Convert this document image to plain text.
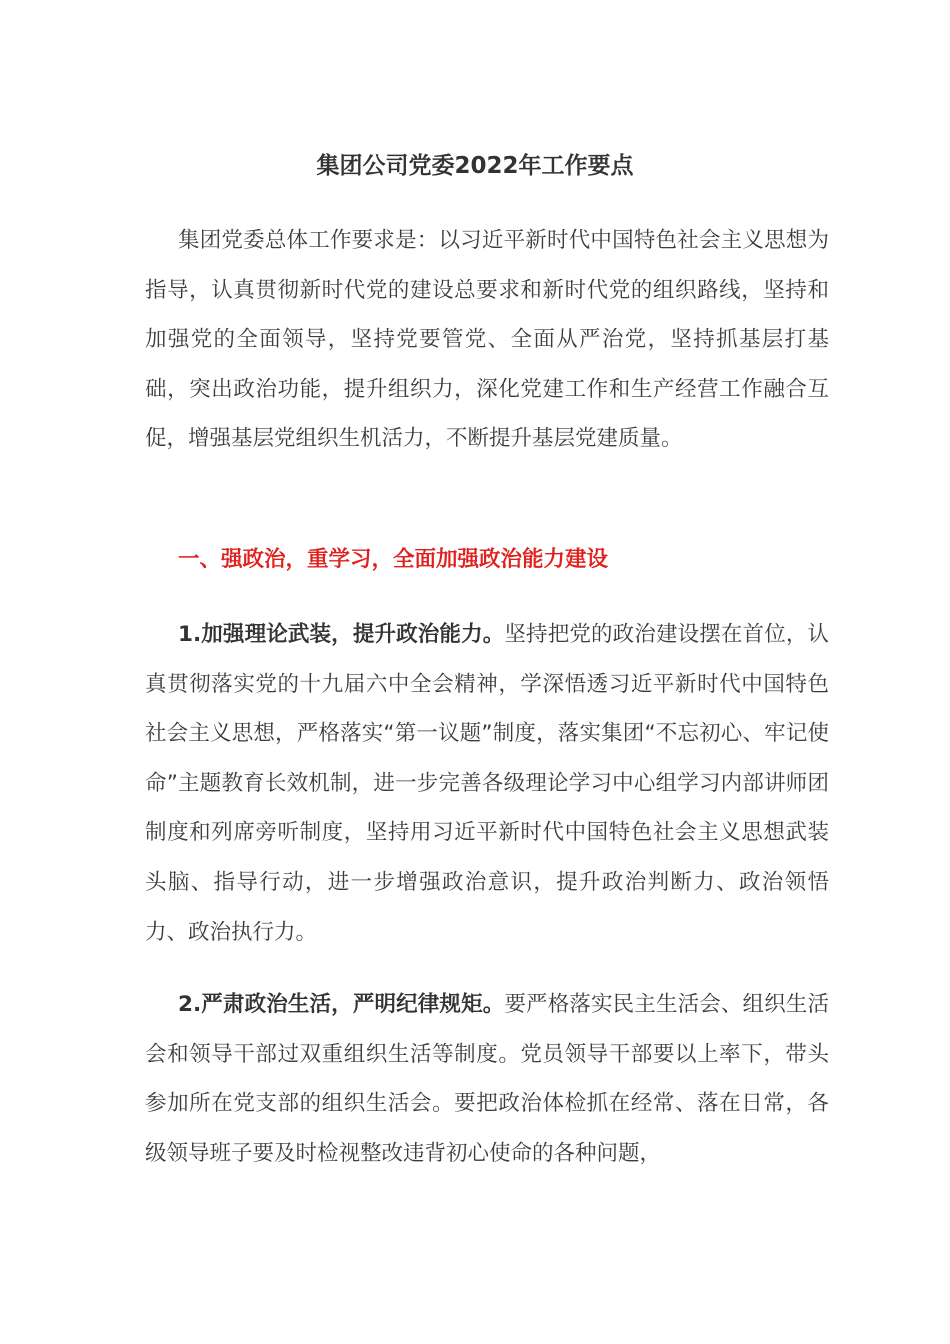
集团公司党委2022年工作要点

集团党委总体工作要求是：以习近平新时代中国特色社会主义思想为指导，认真贯彻新时代党的建设总要求和新时代党的组织路线，坚持和加强党的全面领导，坚持党要管党、全面从严治党，坚持抓基层打基础，突出政治功能，提升组织力，深化党建工作和生产经营工作融合互促，增强基层党组织生机活力，不断提升基层党建质量。

一、强政治，重学习，全面加强政治能力建设

1.加强理论武装，提升政治能力。坚持把党的政治建设摆在首位，认真贯彻落实党的十九届六中全会精神，学深悟透习近平新时代中国特色社会主义思想，严格落实“第一议题”制度，落实集团“不忘初心、牢记使命”主题教育长效机制，进一步完善各级理论学习中心组学习内部讲师团制度和列席旁听制度，坚持用习近平新时代中国特色社会主义思想武装头脑、指导行动，进一步增强政治意识，提升政治判断力、政治领悟力、政治执行力。

2.严肃政治生活，严明纪律规矩。要严格落实民主生活会、组织生活会和领导干部过双重组织生活等制度。党员领导干部要以上率下，带头参加所在党支部的组织生活会。要把政治体检抓在经常、落在日常，各级领导班子要及时检视整改违背初心使命的各种问题，
